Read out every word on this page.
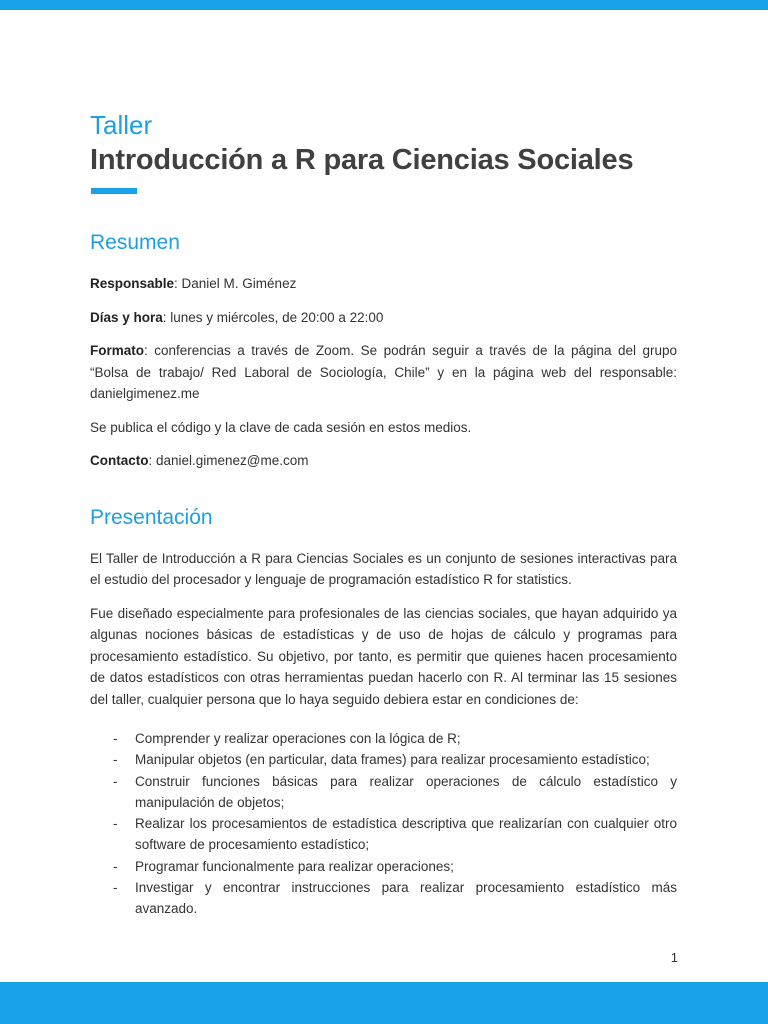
Taller
Introducción a R para Ciencias Sociales
Resumen

Responsable: Daniel M. Giménez

Días y hora: lunes y miércoles, de 20:00 a 22:00

Formato: conferencias a través de Zoom. Se podrán seguir a través de la página del grupo “Bolsa de trabajo/ Red Laboral de Sociología, Chile” y en la página web del responsable: danielgimenez.me

Se publica el código y la clave de cada sesión en estos medios.

Contacto: daniel.gimenez@me.com

Presentación

El Taller de Introducción a R para Ciencias Sociales es un conjunto de sesiones interactivas para el estudio del procesador y lenguaje de programación estadístico R for statistics.

Fue diseñado especialmente para profesionales de las ciencias sociales, que hayan adquirido ya algunas nociones básicas de estadísticas y de uso de hojas de cálculo y programas para procesamiento estadístico. Su objetivo, por tanto, es permitir que quienes hacen procesamiento de datos estadísticos con otras herramientas puedan hacerlo con R. Al terminar las 15 sesiones del taller, cualquier persona que lo haya seguido debiera estar en condiciones de:

- Comprender y realizar operaciones con la lógica de R;
- Manipular objetos (en particular, data frames) para realizar procesamiento estadístico;
- Construir funciones básicas para realizar operaciones de cálculo estadístico y manipulación de objetos;
- Realizar los procesamientos de estadística descriptiva que realizarían con cualquier otro software de procesamiento estadístico;
- Programar funcionalmente para realizar operaciones;
- Investigar y encontrar instrucciones para realizar procesamiento estadístico más avanzado.
1
